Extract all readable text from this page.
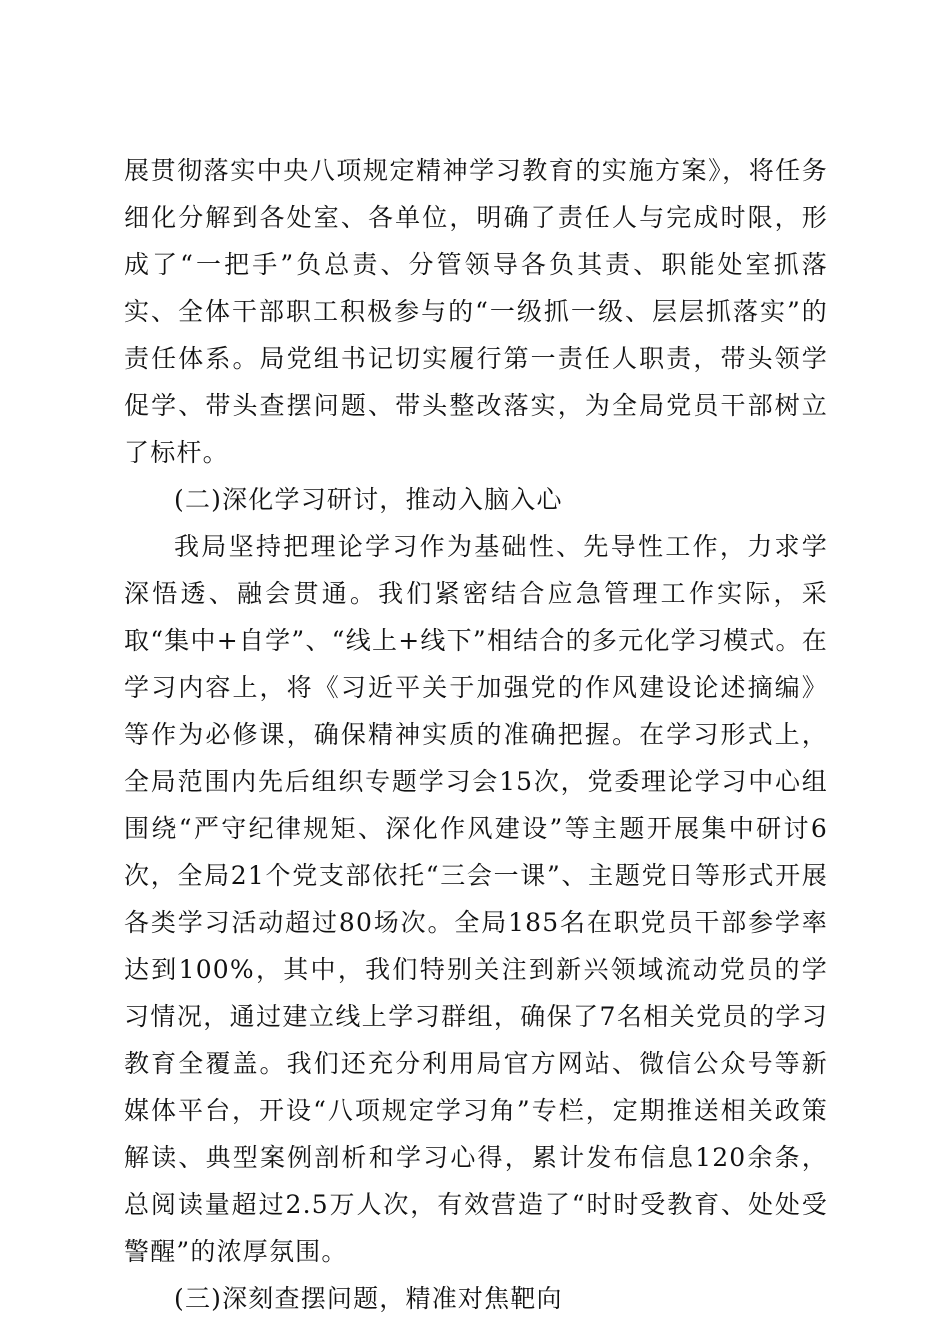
展贯彻落实中央八项规定精神学习教育的实施方案》，将任务细化分解到各处室、各单位，明确了责任人与完成时限，形成了“一把手”负总责、分管领导各负其责、职能处室抓落实、全体干部职工积极参与的“一级抓一级、层层抓落实”的责任体系。局党组书记切实履行第一责任人职责，带头领学促学、带头查摆问题、带头整改落实，为全局党员干部树立了标杆。

(二)深化学习研讨，推动入脑入心

我局坚持把理论学习作为基础性、先导性工作，力求学深悟透、融会贯通。我们紧密结合应急管理工作实际，采取“集中+自学”、“线上+线下”相结合的多元化学习模式。在学习内容上，将《习近平关于加强党的作风建设论述摘编》等作为必修课，确保精神实质的准确把握。在学习形式上，全局范围内先后组织专题学习会15次，党委理论学习中心组围绕“严守纪律规矩、深化作风建设”等主题开展集中研讨6次，全局21个党支部依托“三会一课”、主题党日等形式开展各类学习活动超过80场次。全局185名在职党员干部参学率达到100%，其中，我们特别关注到新兴领域流动党员的学习情况，通过建立线上学习群组，确保了7名相关党员的学习教育全覆盖。我们还充分利用局官方网站、微信公众号等新媒体平台，开设“八项规定学习角”专栏，定期推送相关政策解读、典型案例剖析和学习心得，累计发布信息120余条，总阅读量超过2.5万人次，有效营造了“时时受教育、处处受警醒”的浓厚氛围。

(三)深刻查摆问题，精准对焦靶向
